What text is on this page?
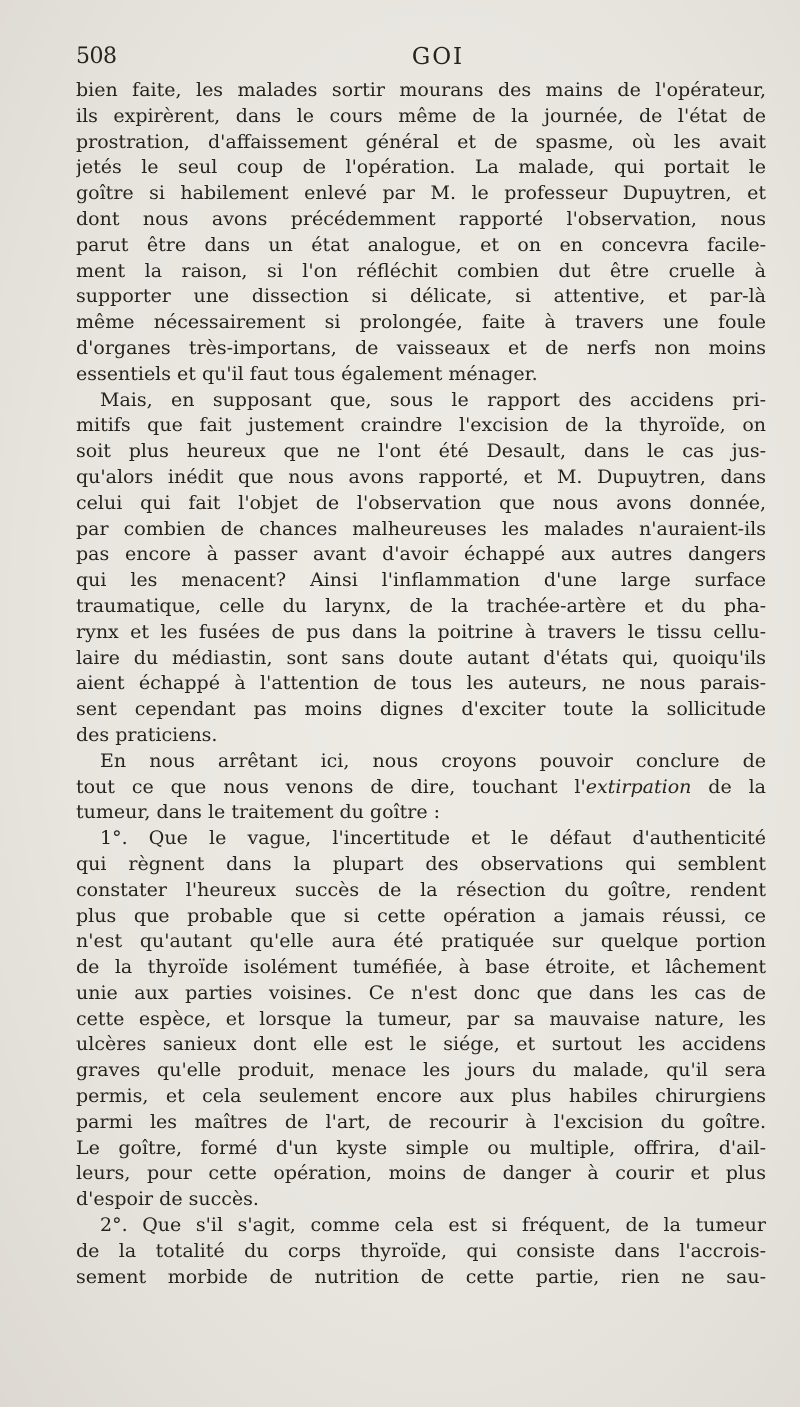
508	GOI
bien faite, les malades sortir mourans des mains de l'opérateur,
ils expirèrent, dans le cours même de la journée, de l'état de
prostration, d'affaissement général et de spasme, où les avait
jetés le seul coup de l'opération. La malade, qui portait le
goître si habilement enlevé par M. le professeur Dupuytren, et
dont nous avons précédemment rapporté l'observation, nous
parut être dans un état analogue, et on en concevra facile-
ment la raison, si l'on réfléchit combien dut être cruelle à
supporter une dissection si délicate, si attentive, et par-là
même nécessairement si prolongée, faite à travers une foule
d'organes très-importans, de vaisseaux et de nerfs non moins
essentiels et qu'il faut tous également ménager.
Mais, en supposant que, sous le rapport des accidens pri-
mitifs que fait justement craindre l'excision de la thyroïde, on
soit plus heureux que ne l'ont été Desault, dans le cas jus-
qu'alors inédit que nous avons rapporté, et M. Dupuytren, dans
celui qui fait l'objet de l'observation que nous avons donnée,
par combien de chances malheureuses les malades n'auraient-ils
pas encore à passer avant d'avoir échappé aux autres dangers
qui les menacent? Ainsi l'inflammation d'une large surface
traumatique, celle du larynx, de la trachée-artère et du pha-
rynx et les fusées de pus dans la poitrine à travers le tissu cellu-
laire du médiastin, sont sans doute autant d'états qui, quoiqu'ils
aient échappé à l'attention de tous les auteurs, ne nous parais-
sent cependant pas moins dignes d'exciter toute la sollicitude
des praticiens.
En nous arrêtant ici, nous croyons pouvoir conclure de
tout ce que nous venons de dire, touchant l'extirpation de la
tumeur, dans le traitement du goître :
1°. Que le vague, l'incertitude et le défaut d'authenticité
qui règnent dans la plupart des observations qui semblent
constater l'heureux succès de la résection du goître, rendent
plus que probable que si cette opération a jamais réussi, ce
n'est qu'autant qu'elle aura été pratiquée sur quelque portion
de la thyroïde isolément tuméfiée, à base étroite, et lâchement
unie aux parties voisines. Ce n'est donc que dans les cas de
cette espèce, et lorsque la tumeur, par sa mauvaise nature, les
ulcères sanieux dont elle est le siége, et surtout les accidens
graves qu'elle produit, menace les jours du malade, qu'il sera
permis, et cela seulement encore aux plus habiles chirurgiens
parmi les maîtres de l'art, de recourir à l'excision du goître.
Le goître, formé d'un kyste simple ou multiple, offrira, d'ail-
leurs, pour cette opération, moins de danger à courir et plus
d'espoir de succès.
2°. Que s'il s'agit, comme cela est si fréquent, de la tumeur
de la totalité du corps thyroïde, qui consiste dans l'accrois-
sement morbide de nutrition de cette partie, rien ne sau-
